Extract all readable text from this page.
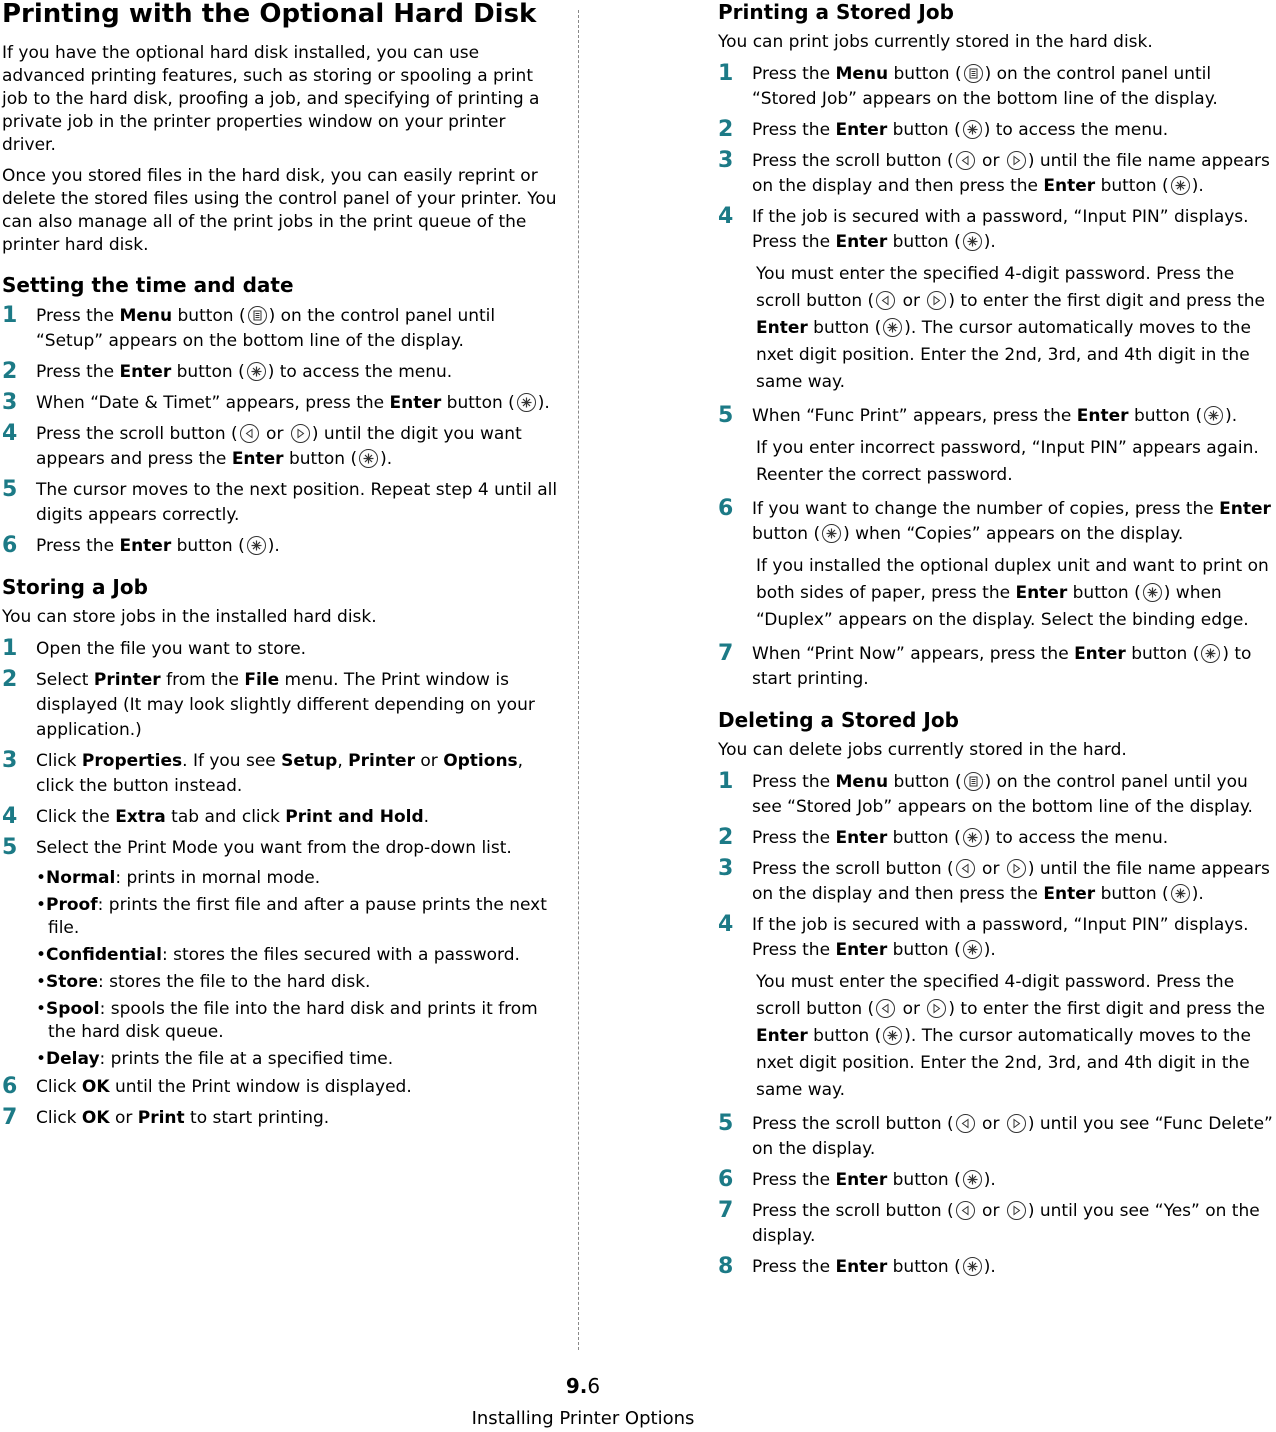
Printing with the Optional Hard Disk

If you have the optional hard disk installed, you can use advanced printing features, such as storing or spooling a print job to the hard disk, proofing a job, and specifying of printing a private job in the printer properties window on your printer driver.

Once you stored files in the hard disk, you can easily reprint or delete the stored files using the control panel of your printer. You can also manage all of the print jobs in the print queue of the printer hard disk.

Setting the time and date
1	Press the Menu button ( ) on the control panel until “Setup” appears on the bottom line of the display.
2	Press the Enter button ( ) to access the menu.
3	When “Date & Timet” appears, press the Enter button ( ).
4	Press the scroll button (
or
) until the digit you want appears and press the Enter button ( ).
5	The cursor moves to the next position. Repeat step 4 until all digits appears correctly.
6	Press the Enter button ( ).
Storing a Job

You can store jobs in the installed hard disk.

1	Open the file you want to store.
2	Select Printer from the File menu. The Print window is displayed (It may look slightly different depending on your application.)
3	Click Properties. If you see Setup, Printer or Options, click the button instead.
4	Click the Extra tab and click Print and Hold.
5	Select the Print Mode you want from the drop-down list.
•Normal: prints in mornal mode.
•Proof: prints the first file and after a pause prints the next file.
•Confidential: stores the files secured with a password.
•Store: stores the file to the hard disk.
•Spool: spools the file into the hard disk and prints it from the hard disk queue.
•Delay: prints the file at a specified time.
6	Click OK until the Print window is displayed.
7	Click OK or Print to start printing.
Printing a Stored Job

You can print jobs currently stored in the hard disk.

1	Press the Menu button ( ) on the control panel until “Stored Job” appears on the bottom line of the display.
2	Press the Enter button ( ) to access the menu.
3	Press the scroll button (
or
) until the file name appears on the display and then press the Enter button ( ).
4	If the job is secured with a password, “Input PIN” displays. Press the Enter button ( ).
You must enter the specified 4-digit password. Press the scroll button (
or
) to enter the first digit and press the Enter button ( ). The cursor automatically moves to the nxet digit position. Enter the 2nd, 3rd, and 4th digit in the same way.
5	When “Func Print” appears, press the Enter button ( ).
If you enter incorrect password, “Input PIN” appears again. Reenter the correct password.
6	If you want to change the number of copies, press the Enter button ( ) when “Copies” appears on the display.
If you installed the optional duplex unit and want to print on both sides of paper, press the Enter button ( ) when “Duplex” appears on the display. Select the binding edge.
7	When “Print Now” appears, press the Enter button ( ) to start printing.
Deleting a Stored Job

You can delete jobs currently stored in the hard.

1	Press the Menu button ( ) on the control panel until you see “Stored Job” appears on the bottom line of the display.
2	Press the Enter button ( ) to access the menu.
3	Press the scroll button (
or
) until the file name appears on the display and then press the Enter button ( ).
4	If the job is secured with a password, “Input PIN” displays. Press the Enter button ( ).
You must enter the specified 4-digit password. Press the scroll button (
or
) to enter the first digit and press the Enter button ( ). The cursor automatically moves to the nxet digit position. Enter the 2nd, 3rd, and 4th digit in the same way.
5	Press the scroll button (
or
) until you see “Func Delete” on the display.
6	Press the Enter button ( ).
7	Press the scroll button (
or
) until you see “Yes” on the display.
8	Press the Enter button ( ).
9.6
Installing Printer Options
